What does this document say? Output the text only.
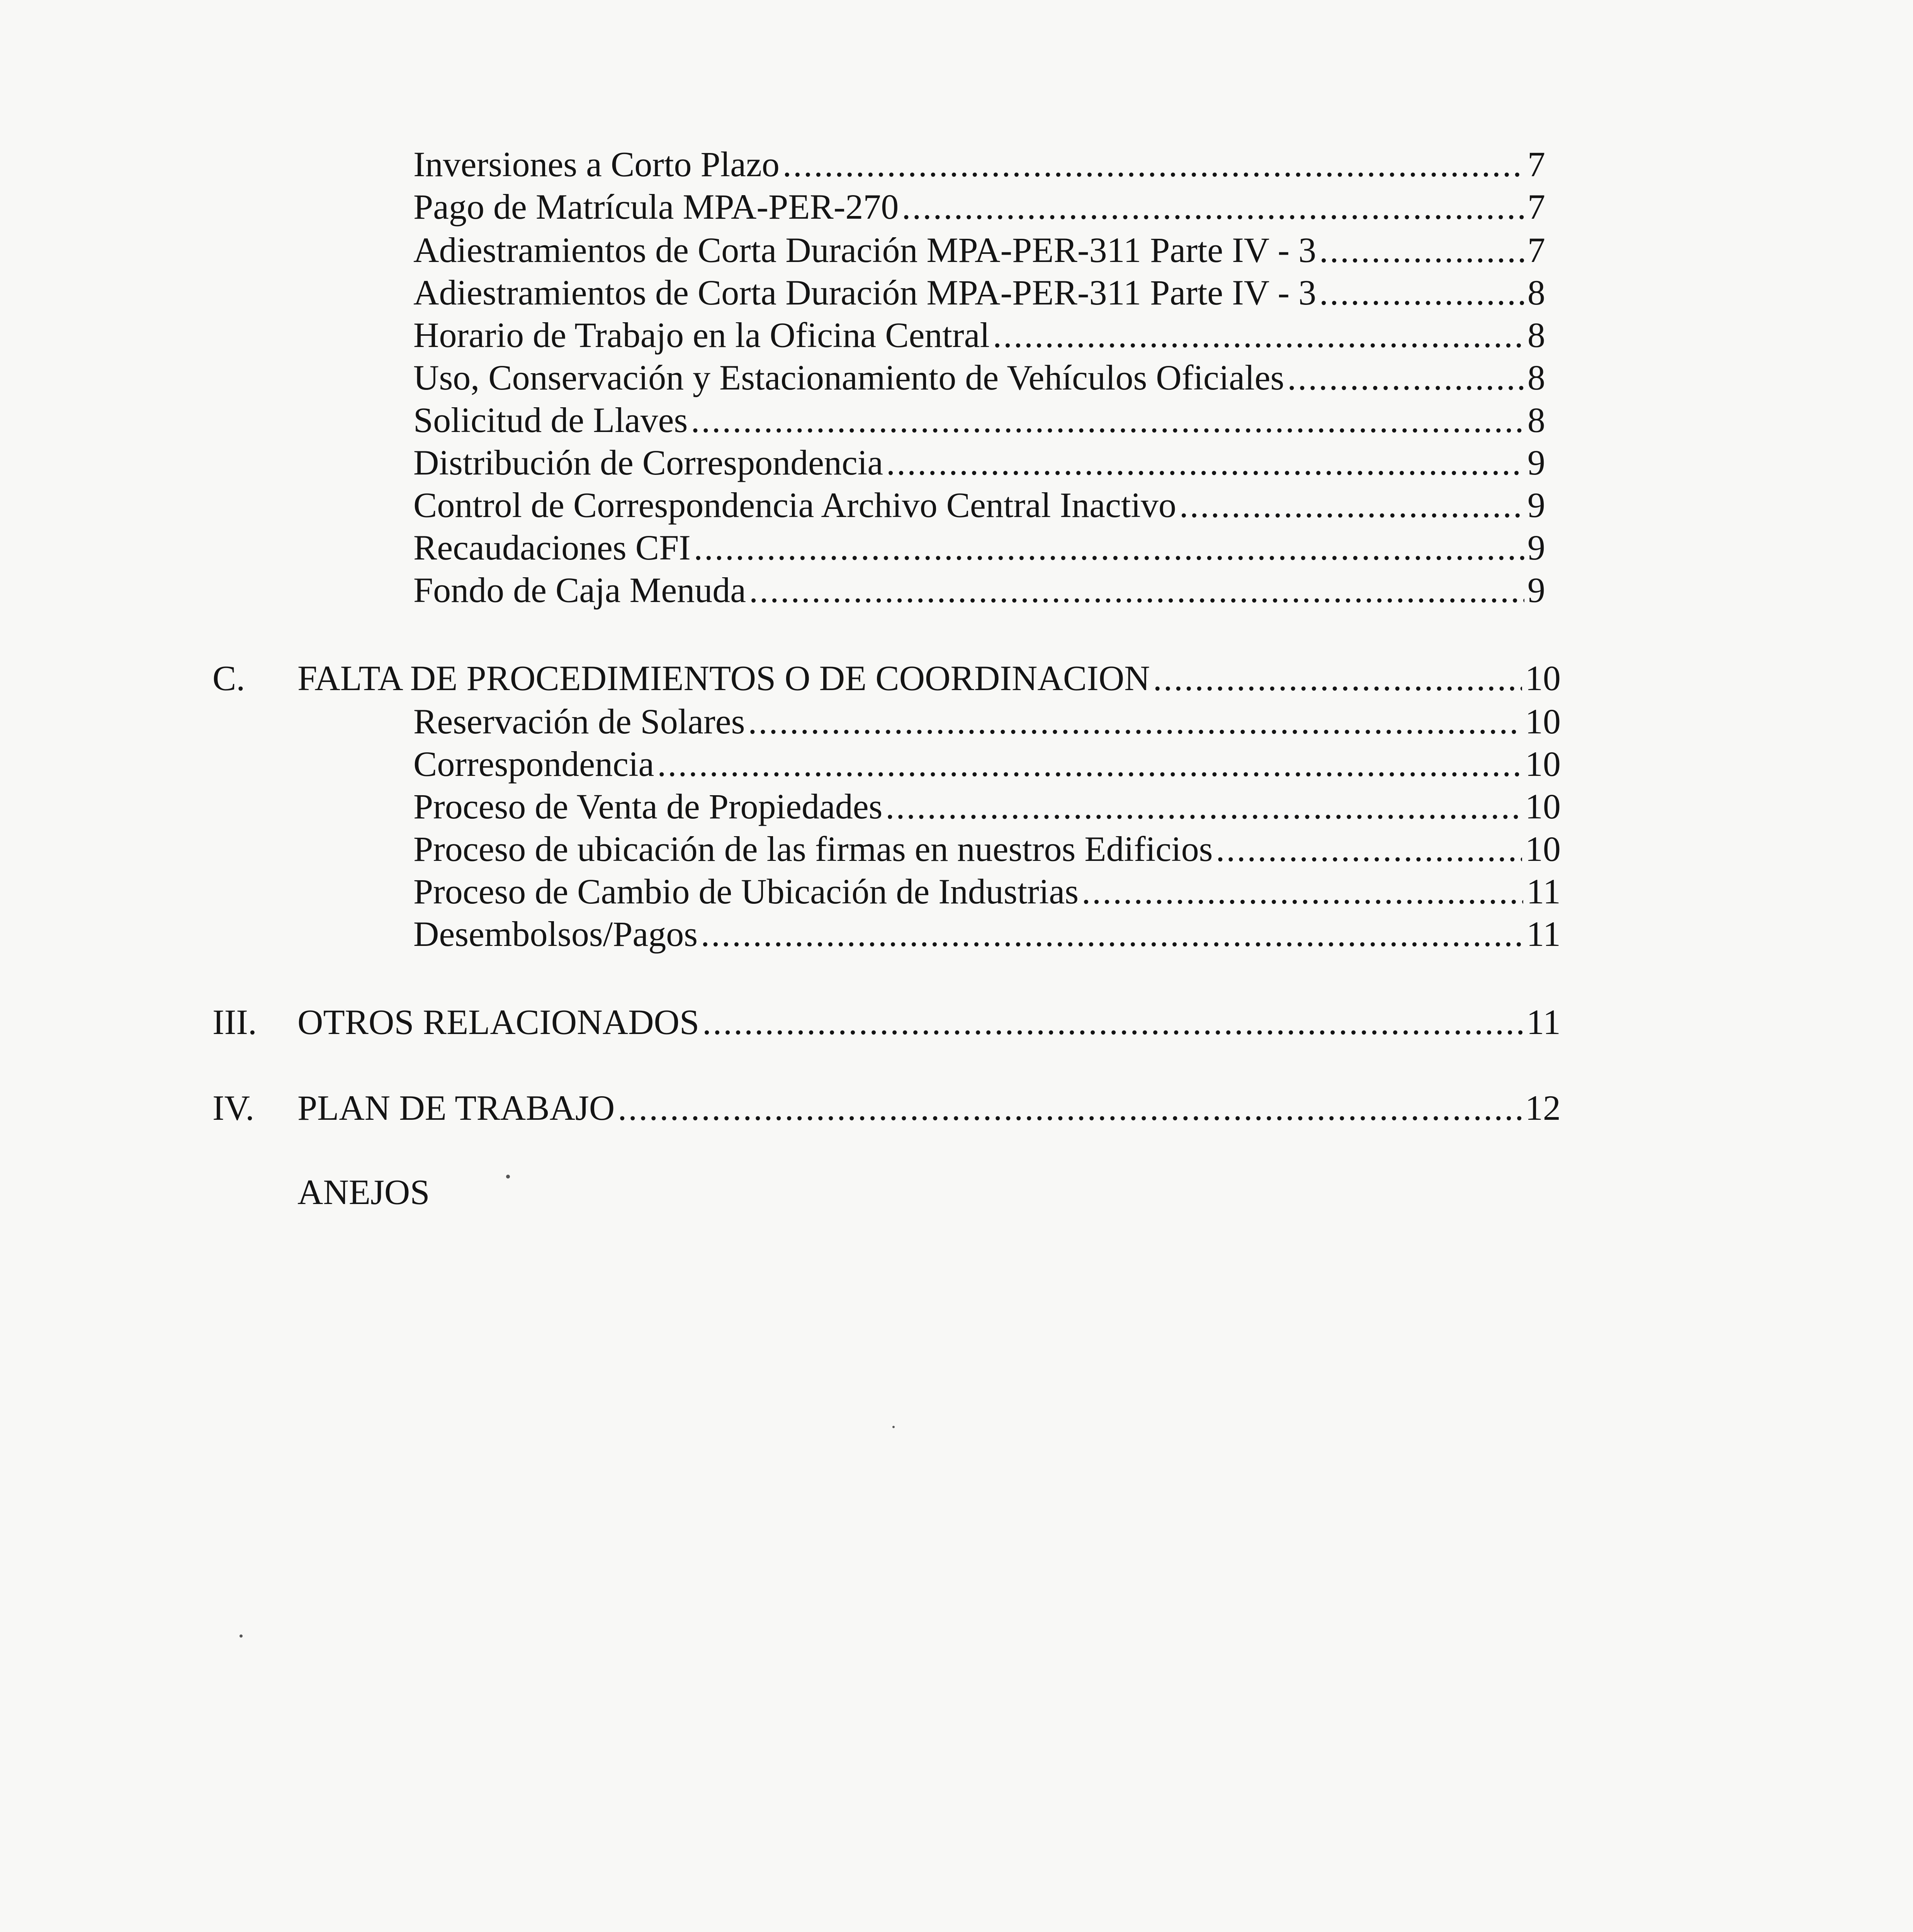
Inversiones a Corto Plazo .....	7
Pago de Matrícula MPA-PER-270 .....	7
Adiestramientos de Corta Duración MPA-PER-311 Parte IV - 3 .....	7
Adiestramientos de Corta Duración MPA-PER-311 Parte IV - 3 .....	8
Horario de Trabajo en la Oficina Central .....	8
Uso, Conservación y Estacionamiento de Vehículos Oficiales .....	8
Solicitud de Llaves .....	8
Distribución de Correspondencia .....	9
Control de Correspondencia Archivo Central Inactivo .....	9
Recaudaciones CFI .....	9
Fondo de Caja Menuda .....	9
C.	FALTA DE PROCEDIMIENTOS O DE COORDINACION .....	10
Reservación de Solares .....	10
Correspondencia .....	10
Proceso de Venta de Propiedades .....	10
Proceso de ubicación de las firmas en nuestros Edificios .....	10
Proceso de Cambio de Ubicación de Industrias .....	11
Desembolsos/Pagos .....	11
III.	OTROS RELACIONADOS .....	11
IV.	PLAN DE TRABAJO .....	12
ANEJOS
